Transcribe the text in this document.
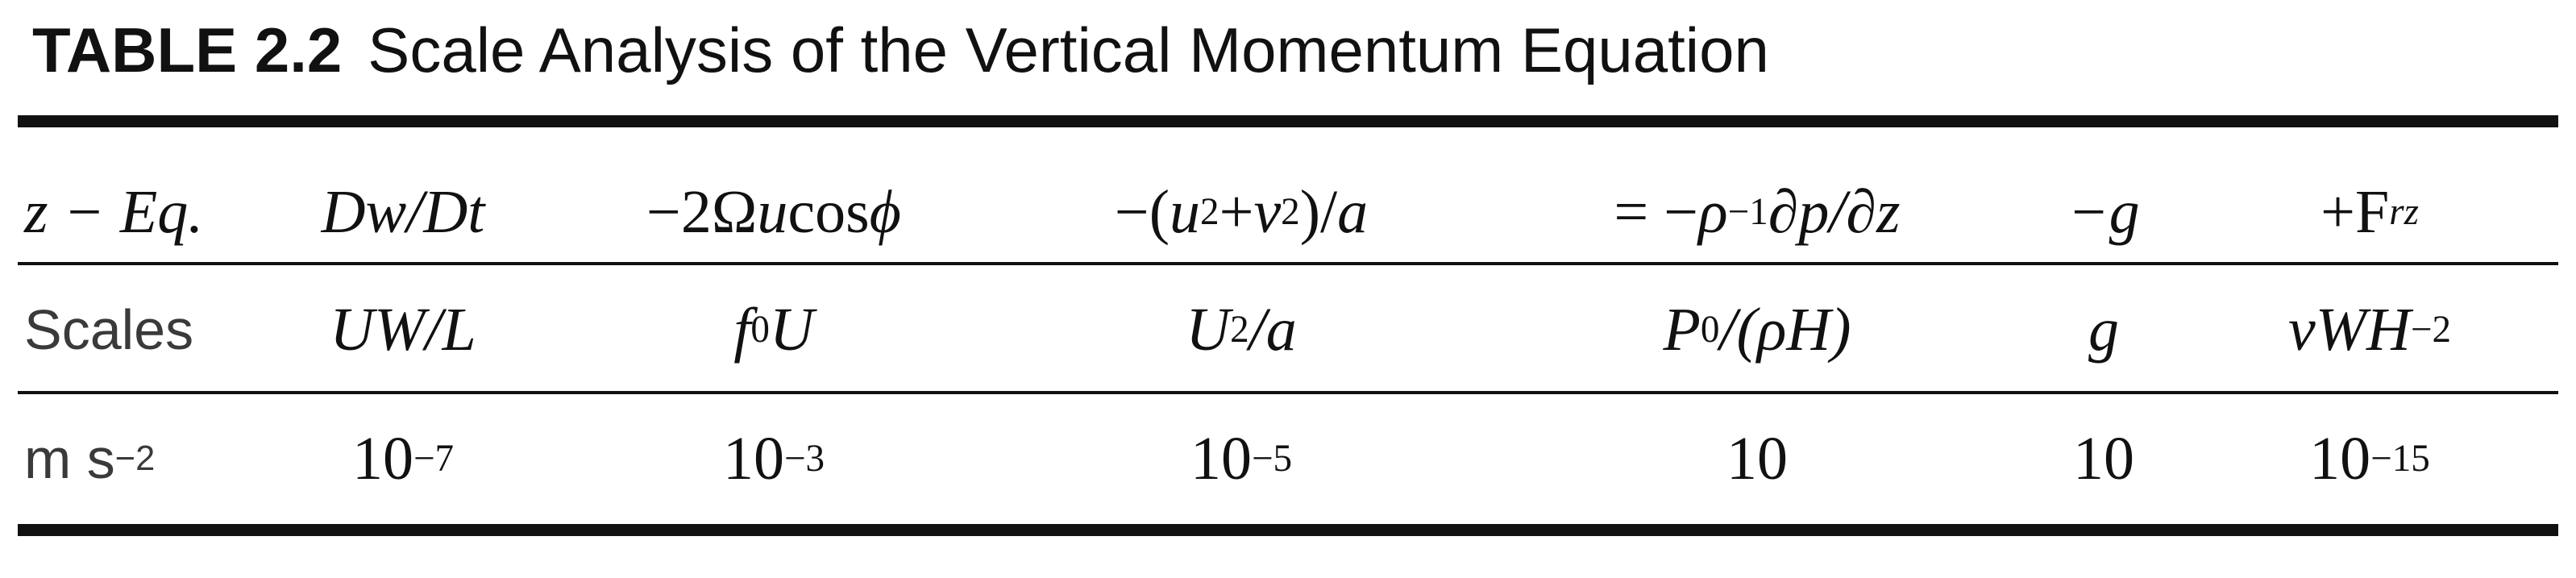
TABLE 2.2 Scale Analysis of the Vertical Momentum Equation
z − Eq.	Dw/Dt	−2Ω u cos ϕ	−( u 2 + v 2 )/ a	= − ρ −1 ∂p/∂z	−g	+F rz
Scales	UW/L	f 0 U	U 2 /a	P 0 /(ρH)	g	νWH −2
m s −2	10 −7	10 −3	10 −5	10	10	10 −15
